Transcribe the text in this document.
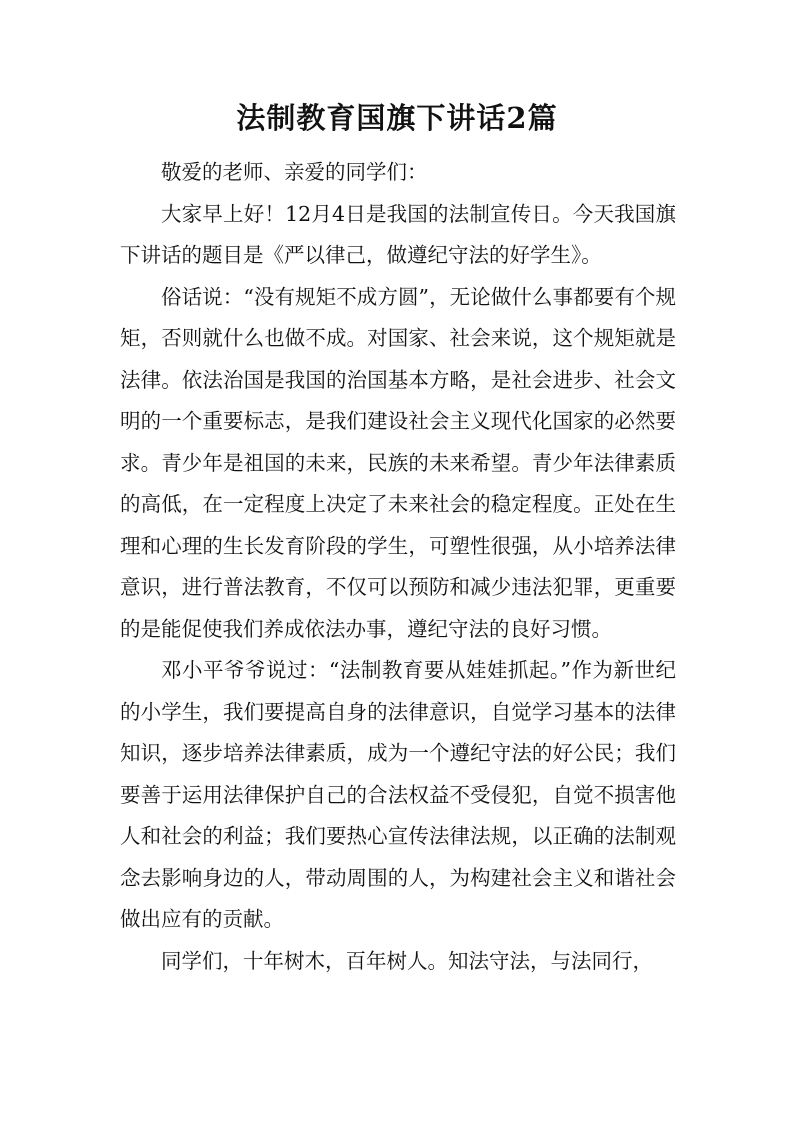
法制教育国旗下讲话2篇

敬爱的老师、亲爱的同学们：

大家早上好！12月4日是我国的法制宣传日。今天我国旗下讲话的题目是《严以律己，做遵纪守法的好学生》。

俗话说：“没有规矩不成方圆”，无论做什么事都要有个规矩，否则就什么也做不成。对国家、社会来说，这个规矩就是法律。依法治国是我国的治国基本方略，是社会进步、社会文明的一个重要标志，是我们建设社会主义现代化国家的必然要求。青少年是祖国的未来，民族的未来希望。青少年法律素质的高低，在一定程度上决定了未来社会的稳定程度。正处在生理和心理的生长发育阶段的学生，可塑性很强，从小培养法律意识，进行普法教育，不仅可以预防和减少违法犯罪，更重要的是能促使我们养成依法办事，遵纪守法的良好习惯。

邓小平爷爷说过：“法制教育要从娃娃抓起。”作为新世纪的小学生，我们要提高自身的法律意识，自觉学习基本的法律知识，逐步培养法律素质，成为一个遵纪守法的好公民；我们要善于运用法律保护自己的合法权益不受侵犯，自觉不损害他人和社会的利益；我们要热心宣传法律法规，以正确的法制观念去影响身边的人，带动周围的人，为构建社会主义和谐社会做出应有的贡献。

同学们，十年树木，百年树人。知法守法，与法同行，
